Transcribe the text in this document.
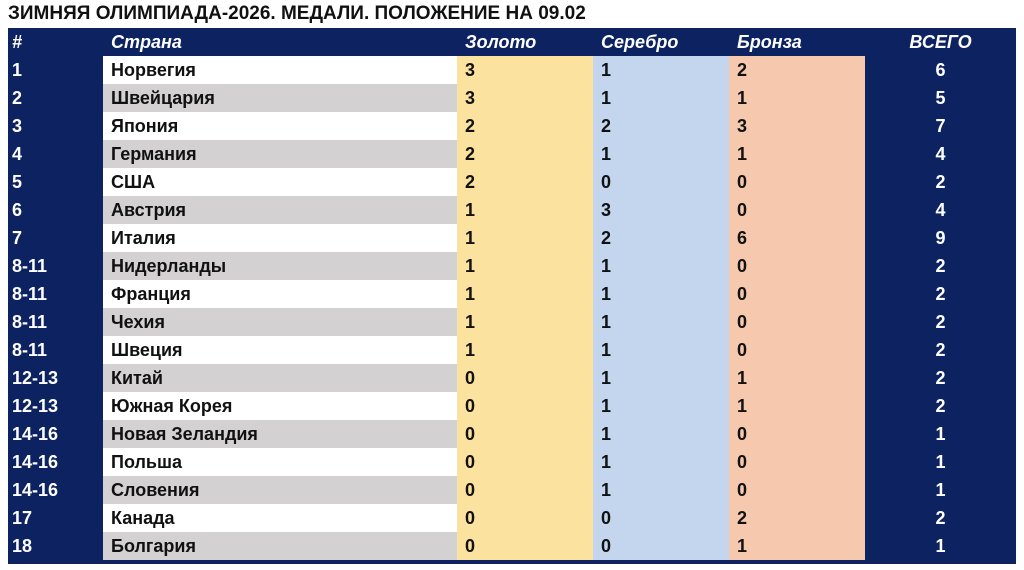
ЗИМНЯЯ ОЛИМПИАДА-2026. МЕДАЛИ. ПОЛОЖЕНИЕ НА 09.02
#	Страна	Золото	Серебро	Бронза	ВСЕГО
1	Норвегия	3	1	2	6
2	Швейцария	3	1	1	5
3	Япония	2	2	3	7
4	Германия	2	1	1	4
5	США	2	0	0	2
6	Австрия	1	3	0	4
7	Италия	1	2	6	9
8-11	Нидерланды	1	1	0	2
8-11	Франция	1	1	0	2
8-11	Чехия	1	1	0	2
8-11	Швеция	1	1	0	2
12-13	Китай	0	1	1	2
12-13	Южная Корея	0	1	1	2
14-16	Новая Зеландия	0	1	0	1
14-16	Польша	0	1	0	1
14-16	Словения	0	1	0	1
17	Канада	0	0	2	2
18	Болгария	0	0	1	1
